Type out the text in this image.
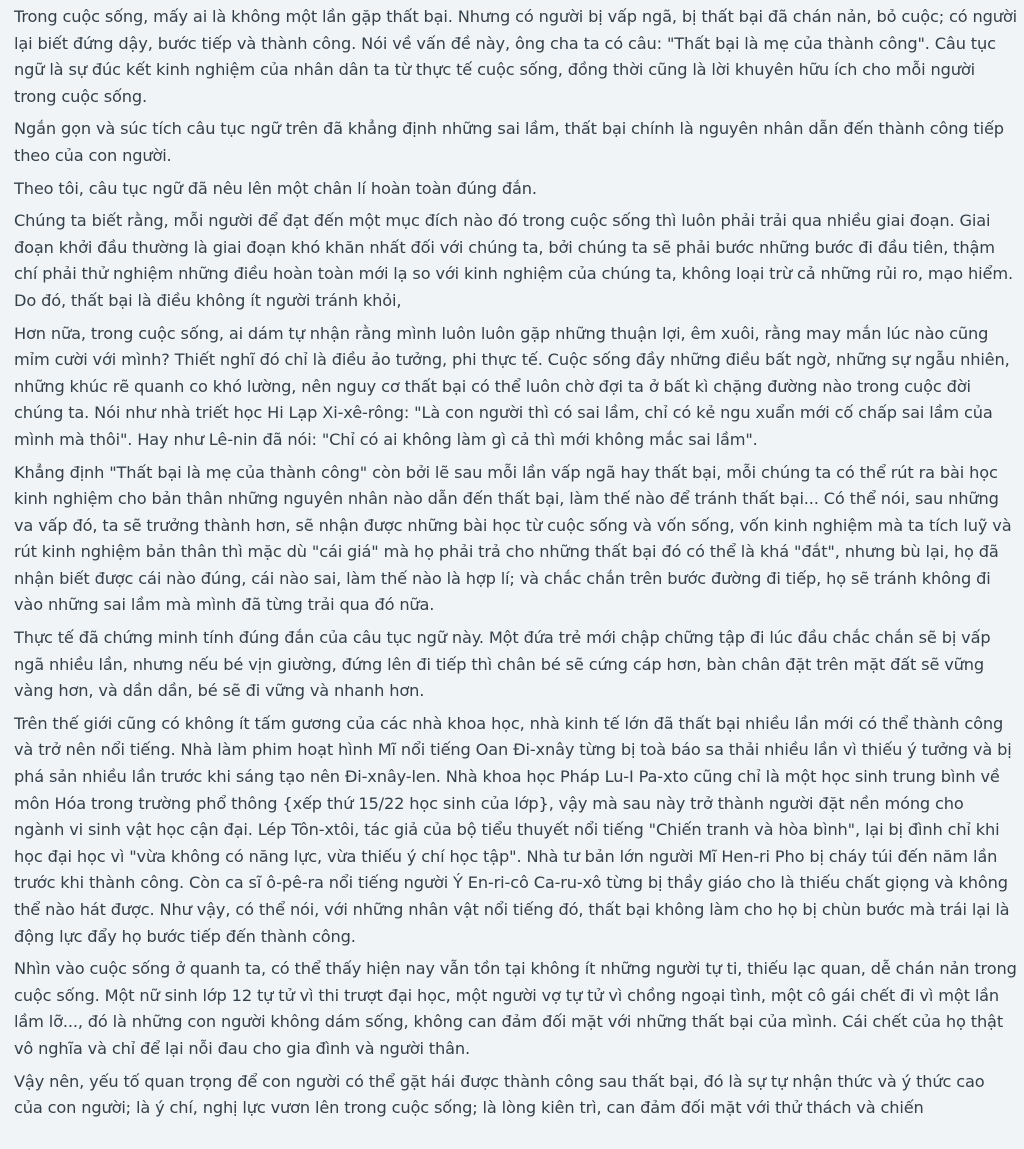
Trong cuộc sống, mấy ai là không một lần gặp thất bại. Nhưng có người bị vấp ngã, bị thất bại đã chán nản, bỏ cuộc; có người lại biết đứng dậy, bước tiếp và thành công. Nói về vấn đề này, ông cha ta có câu: "Thất bại là mẹ của thành công". Câu tục ngữ là sự đúc kết kinh nghiệm của nhân dân ta từ thực tế cuộc sống, đồng thời cũng là lời khuyên hữu ích cho mỗi người trong cuộc sống.

Ngắn gọn và súc tích câu tục ngữ trên đã khẳng định những sai lầm, thất bại chính là nguyên nhân dẫn đến thành công tiếp theo của con người.

Theo tôi, câu tục ngữ đã nêu lên một chân lí hoàn toàn đúng đắn.

Chúng ta biết rằng, mỗi người để đạt đến một mục đích nào đó trong cuộc sống thì luôn phải trải qua nhiều giai đoạn. Giai đoạn khởi đầu thường là giai đoạn khó khăn nhất đối với chúng ta, bởi chúng ta sẽ phải bước những bước đi đầu tiên, thậm chí phải thử nghiệm những điều hoàn toàn mới lạ so với kinh nghiệm của chúng ta, không loại trừ cả những rủi ro, mạo hiểm. Do đó, thất bại là điều không ít người tránh khỏi,

Hơn nữa, trong cuộc sống, ai dám tự nhận rằng mình luôn luôn gặp những thuận lợi, êm xuôi, rằng may mắn lúc nào cũng mỉm cười với mình? Thiết nghĩ đó chỉ là điều ảo tưởng, phi thực tế. Cuộc sống đầy những điều bất ngờ, những sự ngẫu nhiên, những khúc rẽ quanh co khó lường, nên nguy cơ thất bại có thể luôn chờ đợi ta ở bất kì chặng đường nào trong cuộc đời chúng ta. Nói như nhà triết học Hi Lạp Xi-xê-rông: "Là con người thì có sai lầm, chỉ có kẻ ngu xuẩn mới cố chấp sai lầm của mình mà thôi". Hay như Lê-nin đã nói: "Chỉ có ai không làm gì cả thì mới không mắc sai lầm".

Khẳng định "Thất bại là mẹ của thành công" còn bởi lẽ sau mỗi lần vấp ngã hay thất bại, mỗi chúng ta có thể rút ra bài học kinh nghiệm cho bản thân những nguyên nhân nào dẫn đến thất bại, làm thế nào để tránh thất bại... Có thể nói, sau những va vấp đó, ta sẽ trưởng thành hơn, sẽ nhận được những bài học từ cuộc sống và vốn sống, vốn kinh nghiệm mà ta tích luỹ và rút kinh nghiệm bản thân thì mặc dù "cái giá" mà họ phải trả cho những thất bại đó có thể là khá "đắt", nhưng bù lại, họ đã nhận biết được cái nào đúng, cái nào sai, làm thế nào là hợp lí; và chắc chắn trên bước đường đi tiếp, họ sẽ tránh không đi vào những sai lầm mà mình đã từng trải qua đó nữa.

Thực tế đã chứng minh tính đúng đắn của câu tục ngữ này. Một đứa trẻ mới chập chững tập đi lúc đầu chắc chắn sẽ bị vấp ngã nhiều lần, nhưng nếu bé vịn giường, đứng lên đi tiếp thì chân bé sẽ cứng cáp hơn, bàn chân đặt trên mặt đất sẽ vững vàng hơn, và dần dần, bé sẽ đi vững và nhanh hơn.

Trên thế giới cũng có không ít tấm gương của các nhà khoa học, nhà kinh tế lớn đã thất bại nhiều lần mới có thể thành công và trở nên nổi tiếng. Nhà làm phim hoạt hình Mĩ nổi tiếng Oan Đi-xnây từng bị toà báo sa thải nhiều lần vì thiếu ý tưởng và bị phá sản nhiều lần trước khi sáng tạo nên Đi-xnây-len. Nhà khoa học Pháp Lu-I Pa-xto cũng chỉ là một học sinh trung bình về môn Hóa trong trường phổ thông {xếp thứ 15/22 học sinh của lớp}, vậy mà sau này trở thành người đặt nền móng cho ngành vi sinh vật học cận đại. Lép Tôn-xtôi, tác giả của bộ tiểu thuyết nổi tiếng "Chiến tranh và hòa bình", lại bị đình chỉ khi học đại học vì "vừa không có năng lực, vừa thiếu ý chí học tập". Nhà tư bản lớn người Mĩ Hen-ri Pho bị cháy túi đến năm lần trước khi thành công. Còn ca sĩ ô-pê-ra nổi tiếng người Ý En-ri-cô Ca-ru-xô từng bị thầy giáo cho là thiếu chất giọng và không thể nào hát được. Như vậy, có thể nói, với những nhân vật nổi tiếng đó, thất bại không làm cho họ bị chùn bước mà trái lại là động lực đẩy họ bước tiếp đến thành công.

Nhìn vào cuộc sống ở quanh ta, có thể thấy hiện nay vẫn tồn tại không ít những người tự ti, thiếu lạc quan, dễ chán nản trong cuộc sống. Một nữ sinh lớp 12 tự tử vì thi trượt đại học, một người vợ tự tử vì chồng ngoại tình, một cô gái chết đi vì một lần lầm lỡ..., đó là những con người không dám sống, không can đảm đối mặt với những thất bại của mình. Cái chết của họ thật vô nghĩa và chỉ để lại nỗi đau cho gia đình và người thân.

Vậy nên, yếu tố quan trọng để con người có thể gặt hái được thành công sau thất bại, đó là sự tự nhận thức và ý thức cao của con người; là ý chí, nghị lực vươn lên trong cuộc sống; là lòng kiên trì, can đảm đối mặt với thử thách và chiến
